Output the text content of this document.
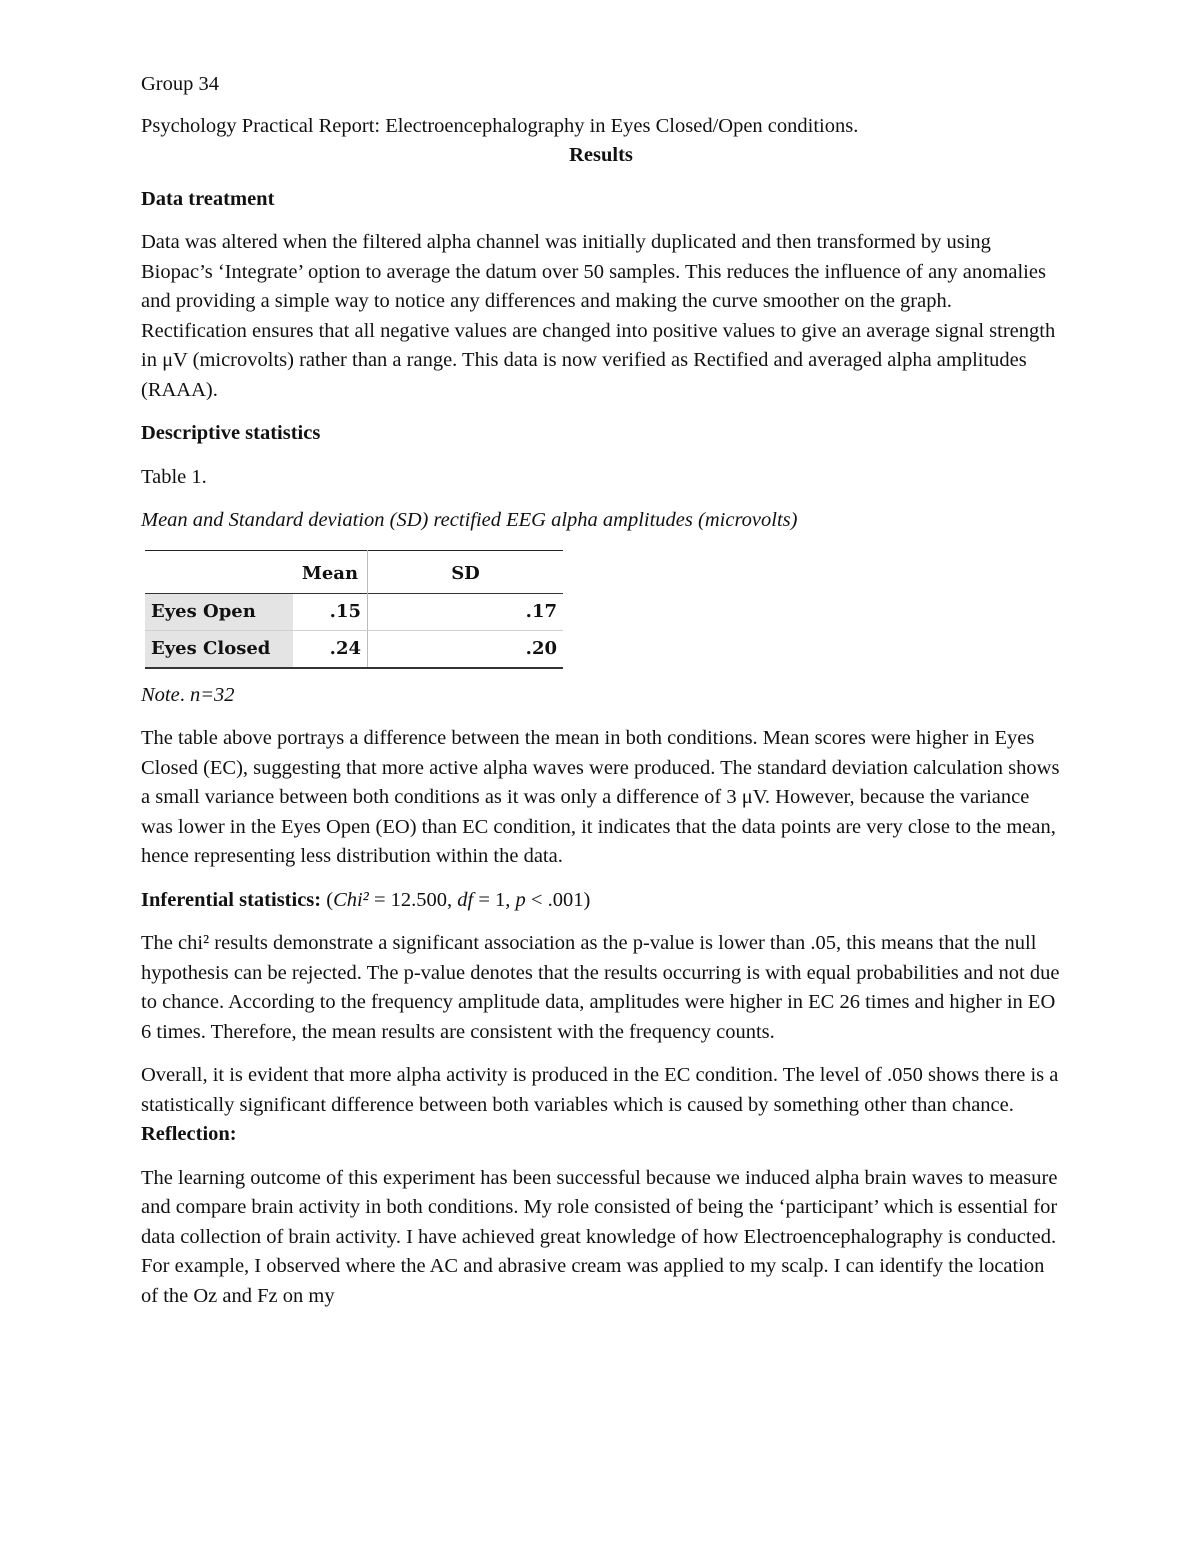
Group 34

Psychology Practical Report: Electroencephalography in Eyes Closed/Open conditions.

Results

Data treatment

Data was altered when the filtered alpha channel was initially duplicated and then transformed by using Biopac’s ‘Integrate’ option to average the datum over 50 samples. This reduces the influence of any anomalies and providing a simple way to notice any differences and making the curve smoother on the graph. Rectification ensures that all negative values are changed into positive values to give an average signal strength in μV (microvolts) rather than a range. This data is now verified as Rectified and averaged alpha amplitudes (RAAA).

Descriptive statistics

Table 1.

Mean and Standard deviation (SD) rectified EEG alpha amplitudes (microvolts)

	Mean	SD
Eyes Open	.15	.17
Eyes Closed	.24	.20

Note. n=32

The table above portrays a difference between the mean in both conditions. Mean scores were higher in Eyes Closed (EC), suggesting that more active alpha waves were produced. The standard deviation calculation shows a small variance between both conditions as it was only a difference of 3 μV. However, because the variance was lower in the Eyes Open (EO) than EC condition, it indicates that the data points are very close to the mean, hence representing less distribution within the data.

Inferential statistics: (Chi² = 12.500, df = 1, p < .001)

The chi² results demonstrate a significant association as the p-value is lower than .05, this means that the null hypothesis can be rejected. The p-value denotes that the results occurring is with equal probabilities and not due to chance. According to the frequency amplitude data, amplitudes were higher in EC 26 times and higher in EO 6 times. Therefore, the mean results are consistent with the frequency counts.

Overall, it is evident that more alpha activity is produced in the EC condition. The level of .050 shows there is a statistically significant difference between both variables which is caused by something other than chance.

Reflection:

The learning outcome of this experiment has been successful because we induced alpha brain waves to measure and compare brain activity in both conditions. My role consisted of being the ‘participant’ which is essential for data collection of brain activity. I have achieved great knowledge of how Electroencephalography is conducted. For example, I observed where the AC and abrasive cream was applied to my scalp. I can identify the location of the Oz and Fz on my
